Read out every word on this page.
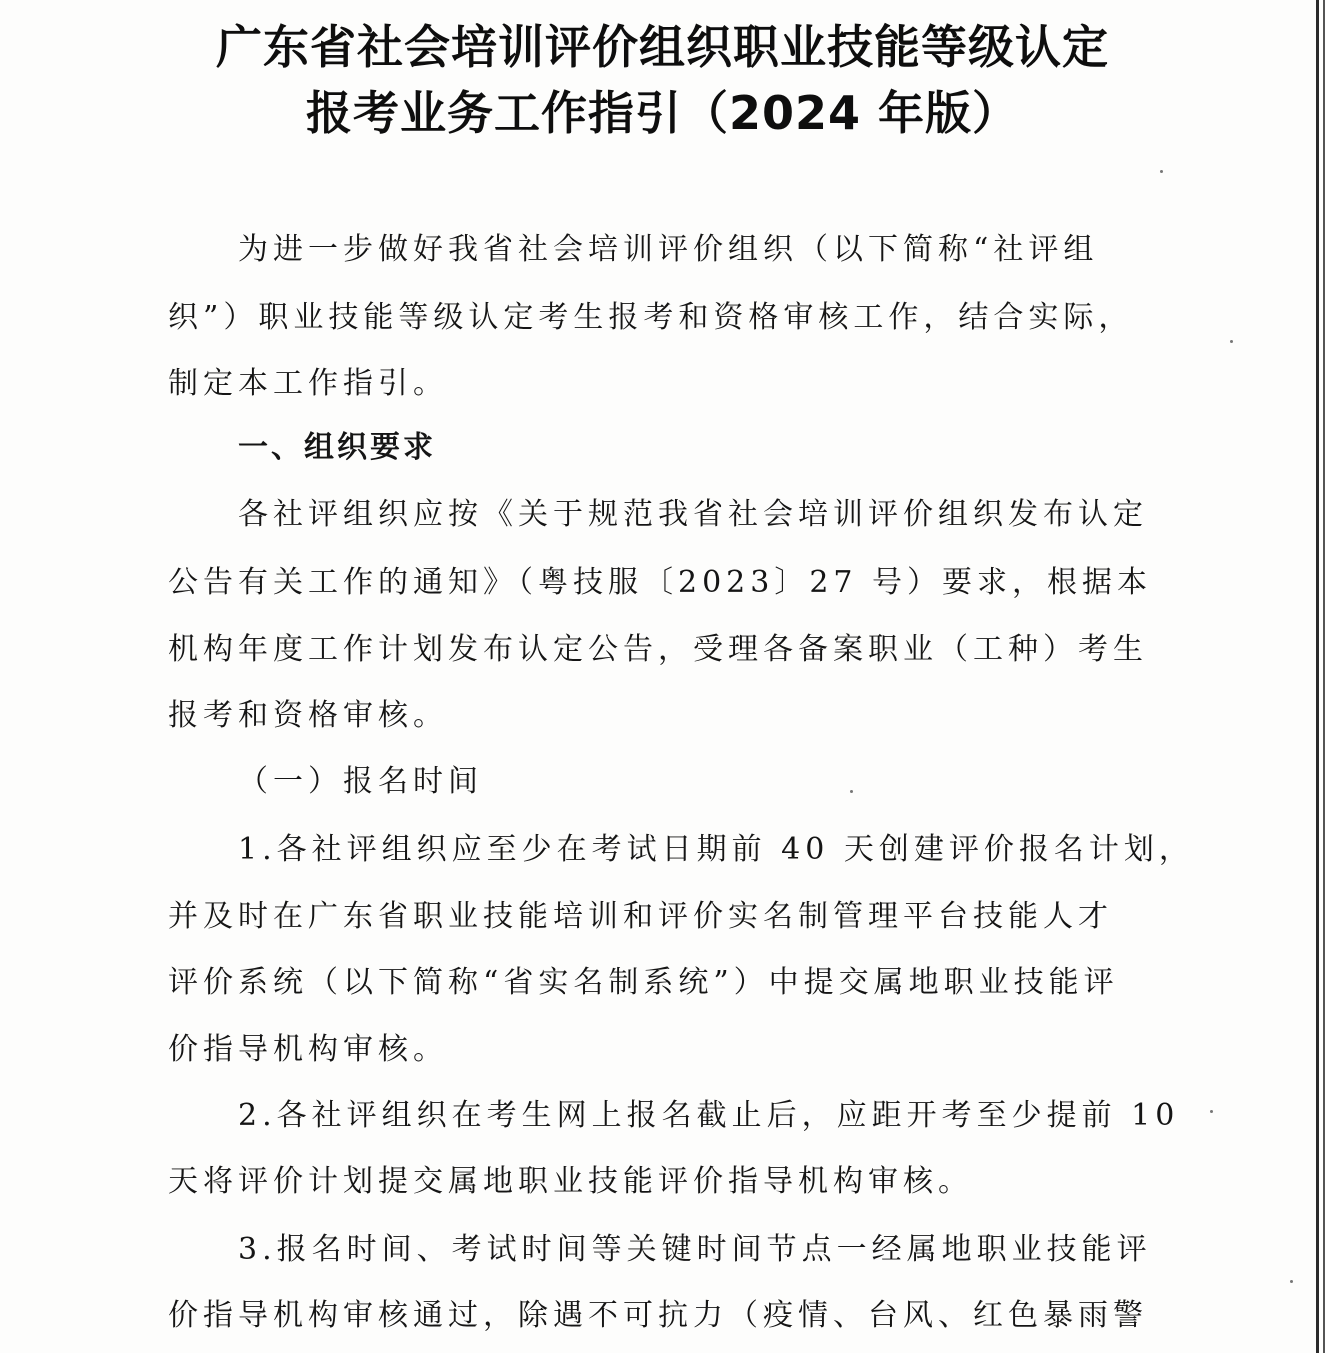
广东省社会培训评价组织职业技能等级认定
报考业务工作指引（2024 年版）
为进一步做好我省社会培训评价组织（以下简称“社评组
织”）职业技能等级认定考生报考和资格审核工作，结合实际，
制定本工作指引。
一、组织要求
各社评组织应按《关于规范我省社会培训评价组织发布认定
公告有关工作的通知》（粤技服〔2023〕27 号）要求，根据本
机构年度工作计划发布认定公告，受理各备案职业（工种）考生
报考和资格审核。
（一）报名时间
1.各社评组织应至少在考试日期前 40 天创建评价报名计划，
并及时在广东省职业技能培训和评价实名制管理平台技能人才
评价系统（以下简称“省实名制系统”）中提交属地职业技能评
价指导机构审核。
2.各社评组织在考生网上报名截止后，应距开考至少提前 10
天将评价计划提交属地职业技能评价指导机构审核。
3.报名时间、考试时间等关键时间节点一经属地职业技能评
价指导机构审核通过，除遇不可抗力（疫情、台风、红色暴雨警
